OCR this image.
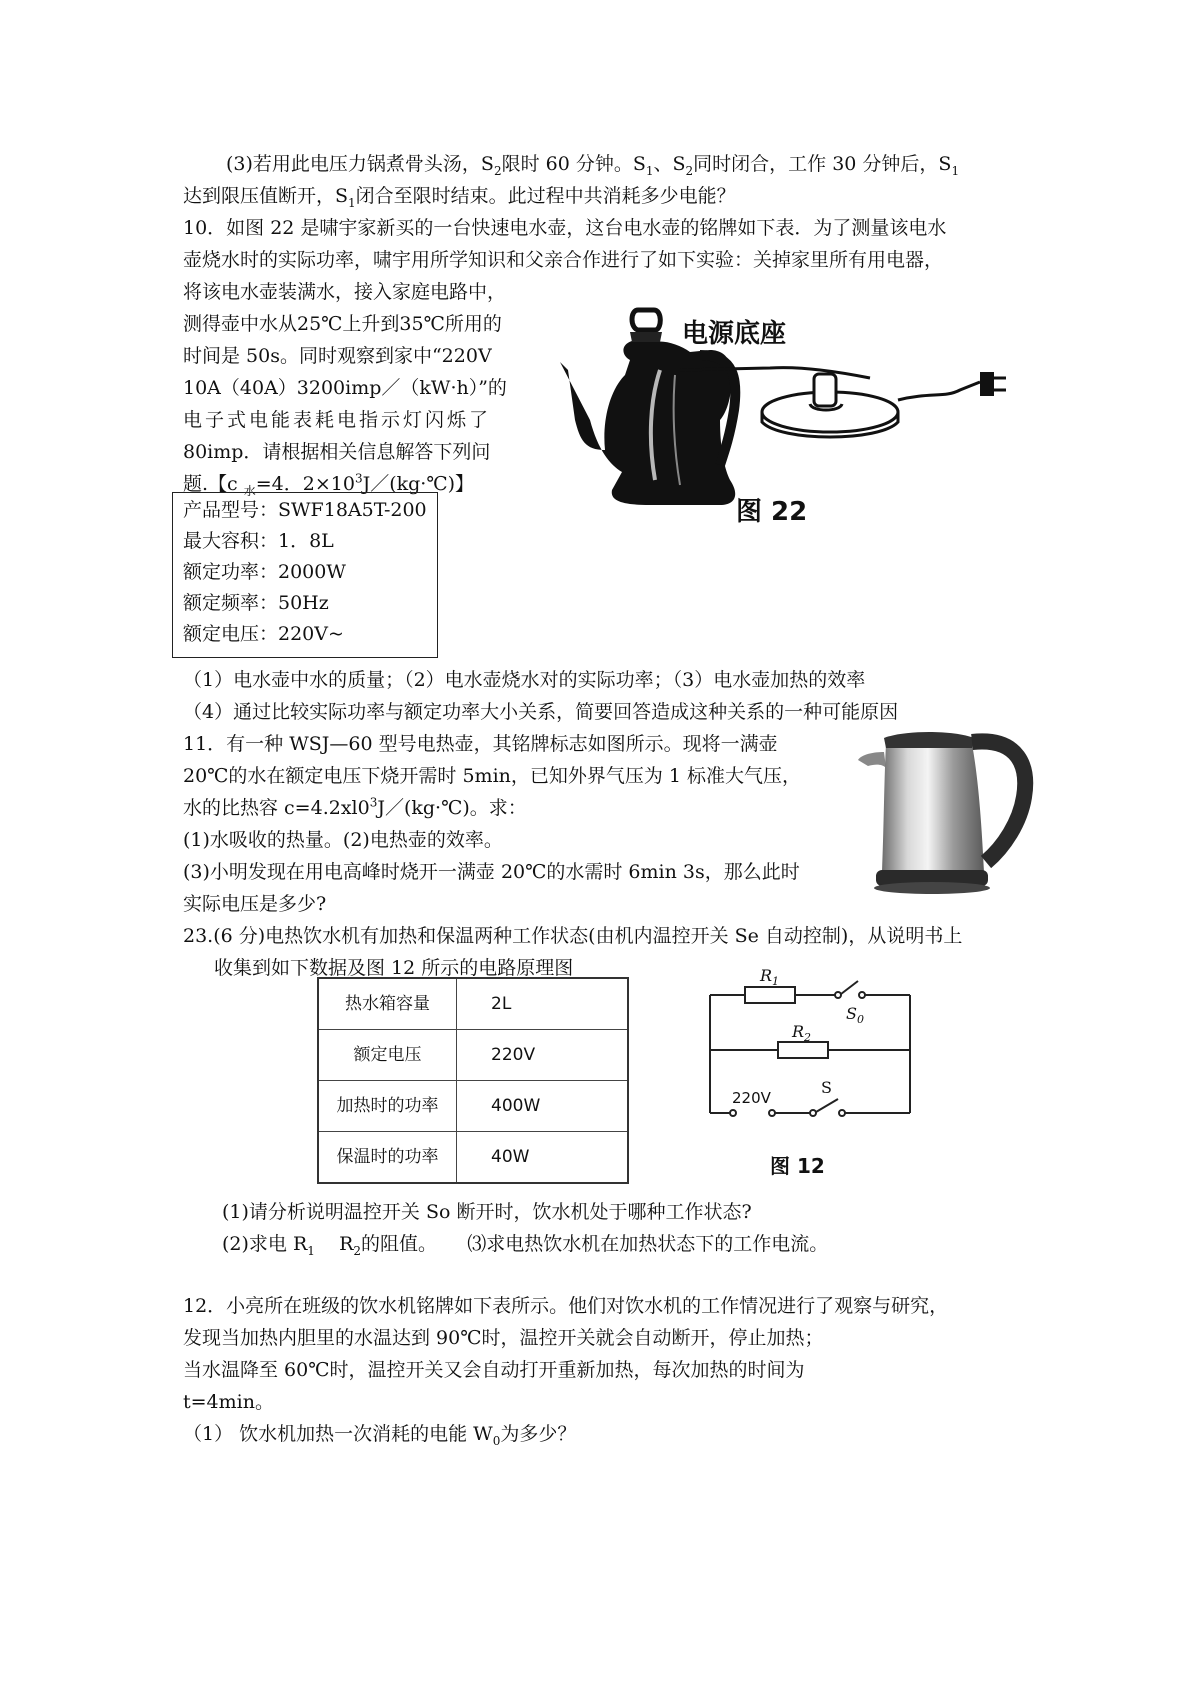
(3)若用此电压力锅煮骨头汤，$S_2$限时 60 分钟。$S_1$、$S_2$同时闭合，工作 30 分钟后，$S_1$
达到限压值断开，$S_1$闭合至限时结束。此过程中共消耗多少电能？
10．如图 22 是啸宇家新买的一台快速电水壶，这台电水壶的铭牌如下表．为了测量该电水
壶烧水时的实际功率，啸宇用所学知识和父亲合作进行了如下实验：关掉家里所有用电器，
将该电水壶装满水，接入家庭电路中，
测得壶中水从25℃上升到35℃所用的
时间是 50s。同时观察到家中“220V
10A（40A）3200imp／（kW·h）”的
电子式电能表耗电指示灯闪烁了
80imp．请根据相关信息解答下列问
题.【c $_水$=4．$2\times 10^3J/(kg\cdot℃)$】
产品型号：SWF18A5T-200
最大容积：1．8L
额定功率：2000W
额定频率：50Hz
额定电压：220V~
电源底座
图 22
（1）电水壶中水的质量；（2）电水壶烧水对的实际功率；（3）电水壶加热的效率
（4）通过比较实际功率与额定功率大小关系，简要回答造成这种关系的一种可能原因
11．有一种 WSJ—60 型号电热壶，其铭牌标志如图所示。现将一满壶
20℃的水在额定电压下烧开需时 5min，已知外界气压为 1 标准大气压，
水的比热容 $c=4.2xl0^3J/(kg\cdot℃)$。求：
(1)水吸收的热量。(2)电热壶的效率。
(3)小明发现在用电高峰时烧开一满壶 20℃的水需时 6min 3s，那么此时
实际电压是多少?
23.(6 分)电热饮水机有加热和保温两种工作状态(由机内温控开关 Se 自动控制)，从说明书上
收集到如下数据及图 12 所示的电路原理图
热水箱容量	2L
额定电压	220V
加热时的功率	400W
保温时的功率	40W
$R_1$
$R_2$
$S_0$
S
220V
图 12
(1)请分析说明温控开关 So 断开时，饮水机处于哪种工作状态?
(2)求电 $R_1$ $R_2$的阻值。 ⑶求电热饮水机在加热状态下的工作电流。
12．小亮所在班级的饮水机铭牌如下表所示。他们对饮水机的工作情况进行了观察与研究，
发现当加热内胆里的水温达到 90℃时，温控开关就会自动断开，停止加热；
当水温降至 60℃时，温控开关又会自动打开重新加热，每次加热的时间为
t=4min。
（1） 饮水机加热一次消耗的电能 $W_0$为多少？
